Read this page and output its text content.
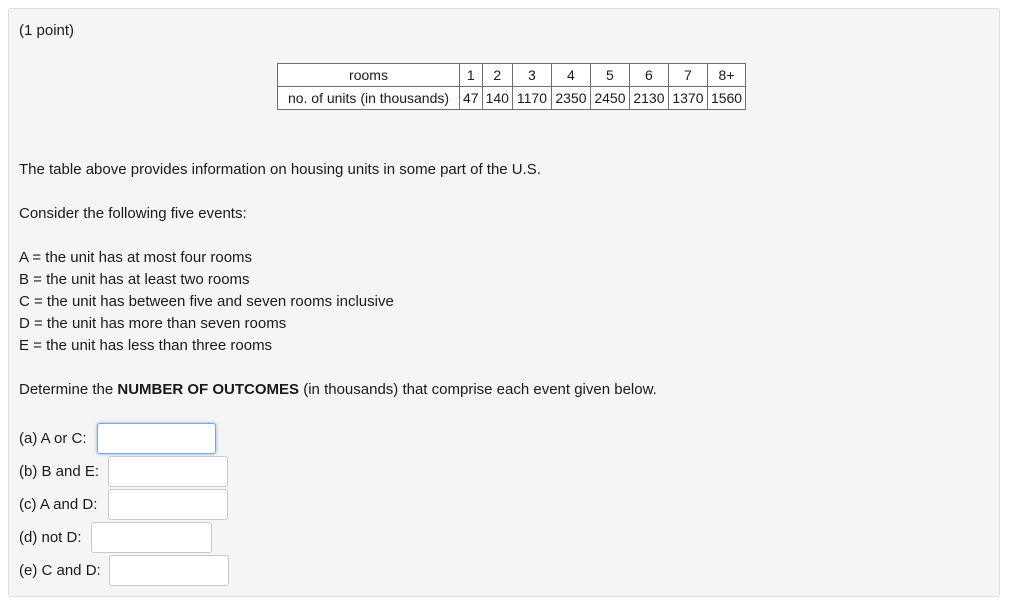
(1 point)
rooms	1	2	3	4	5	6	7	8+
no. of units (in thousands)	47	140	1170	2350	2450	2130	1370	1560
The table above provides information on housing units in some part of the U.S.
Consider the following five events:
A = the unit has at most four rooms
B = the unit has at least two rooms
C = the unit has between five and seven rooms inclusive
D = the unit has more than seven rooms
E = the unit has less than three rooms
Determine the NUMBER OF OUTCOMES (in thousands) that comprise each event given below.
(a) A or C:
(b) B and E:
(c) A and D:
(d) not D:
(e) C and D:
